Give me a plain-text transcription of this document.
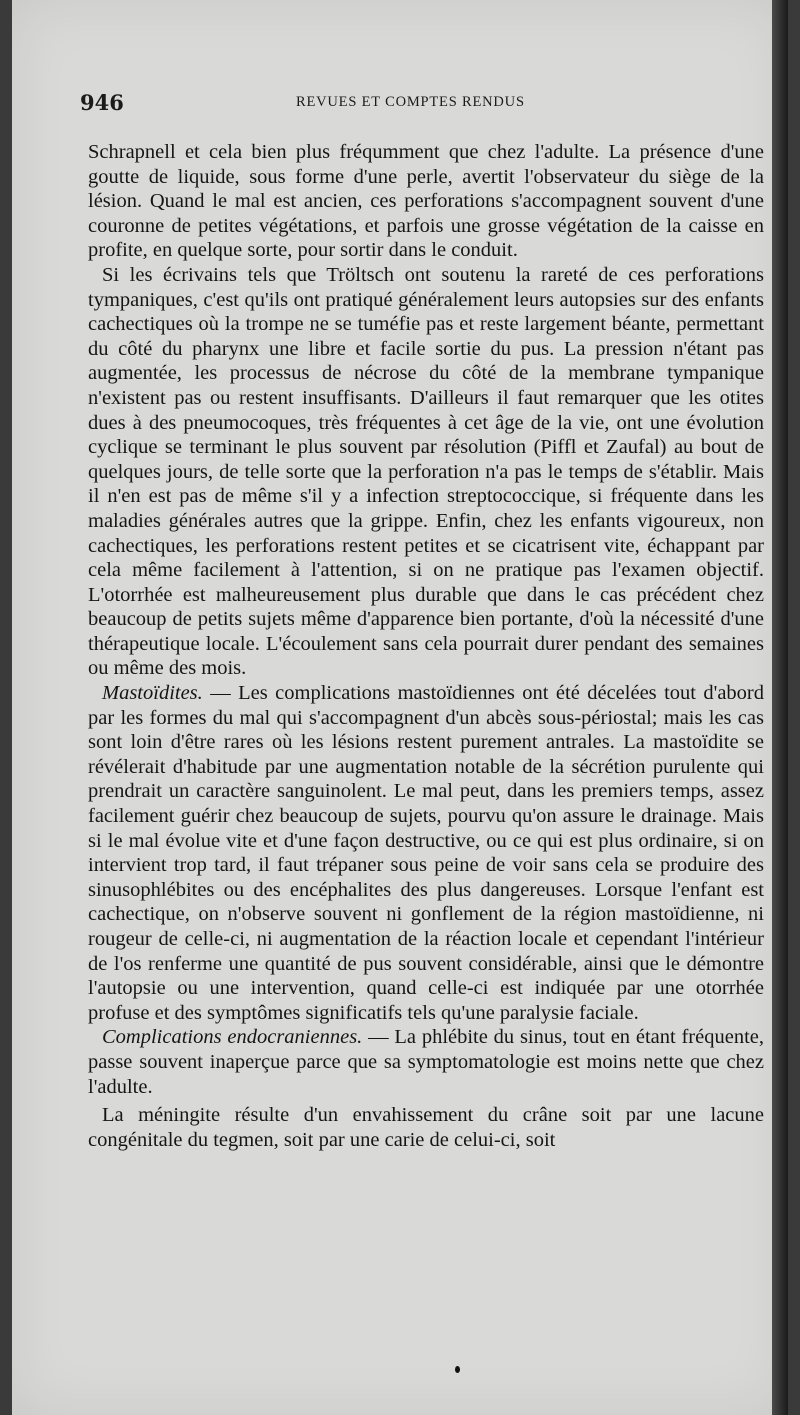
946	REVUES ET COMPTES RENDUS

Schrapnell et cela bien plus fréqumment que chez l'adulte. La présence d'une goutte de liquide, sous forme d'une perle, avertit l'observateur du siège de la lésion. Quand le mal est ancien, ces perforations s'accompagnent souvent d'une couronne de petites végétations, et parfois une grosse végétation de la caisse en profite, en quelque sorte, pour sortir dans le conduit.

Si les écrivains tels que Tröltsch ont soutenu la rareté de ces perforations tympaniques, c'est qu'ils ont pratiqué généralement leurs autopsies sur des enfants cachectiques où la trompe ne se tuméfie pas et reste largement béante, permettant du côté du pharynx une libre et facile sortie du pus. La pression n'étant pas augmentée, les processus de nécrose du côté de la membrane tympanique n'existent pas ou restent insuffisants. D'ailleurs il faut remarquer que les otites dues à des pneumocoques, très fréquentes à cet âge de la vie, ont une évolution cyclique se terminant le plus souvent par résolution (Piffl et Zaufal) au bout de quelques jours, de telle sorte que la perforation n'a pas le temps de s'établir. Mais il n'en est pas de même s'il y a infection streptococcique, si fréquente dans les maladies générales autres que la grippe. Enfin, chez les enfants vigoureux, non cachectiques, les perforations restent petites et se cicatrisent vite, échappant par cela même facilement à l'attention, si on ne pratique pas l'examen objectif. L'otorrhée est malheureusement plus durable que dans le cas précédent chez beaucoup de petits sujets même d'apparence bien portante, d'où la nécessité d'une thérapeutique locale. L'écoulement sans cela pourrait durer pendant des semaines ou même des mois.

Mastoïdites. — Les complications mastoïdiennes ont été décelées tout d'abord par les formes du mal qui s'accompagnent d'un abcès sous-périostal; mais les cas sont loin d'être rares où les lésions restent purement antrales. La mastoïdite se révélerait d'habitude par une augmentation notable de la sécrétion purulente qui prendrait un caractère sanguinolent. Le mal peut, dans les premiers temps, assez facilement guérir chez beaucoup de sujets, pourvu qu'on assure le drainage. Mais si le mal évolue vite et d'une façon destructive, ou ce qui est plus ordinaire, si on intervient trop tard, il faut trépaner sous peine de voir sans cela se produire des sinusophlébites ou des encéphalites des plus dangereuses. Lorsque l'enfant est cachectique, on n'observe souvent ni gonflement de la région mastoïdienne, ni rougeur de celle-ci, ni augmentation de la réaction locale et cependant l'intérieur de l'os renferme une quantité de pus souvent considérable, ainsi que le démontre l'autopsie ou une intervention, quand celle-ci est indiquée par une otorrhée profuse et des symptômes significatifs tels qu'une paralysie faciale.

Complications endocraniennes. — La phlébite du sinus, tout en étant fréquente, passe souvent inaperçue parce que sa symptomatologie est moins nette que chez l'adulte.

La méningite résulte d'un envahissement du crâne soit par une lacune congénitale du tegmen, soit par une carie de celui-ci, soit
